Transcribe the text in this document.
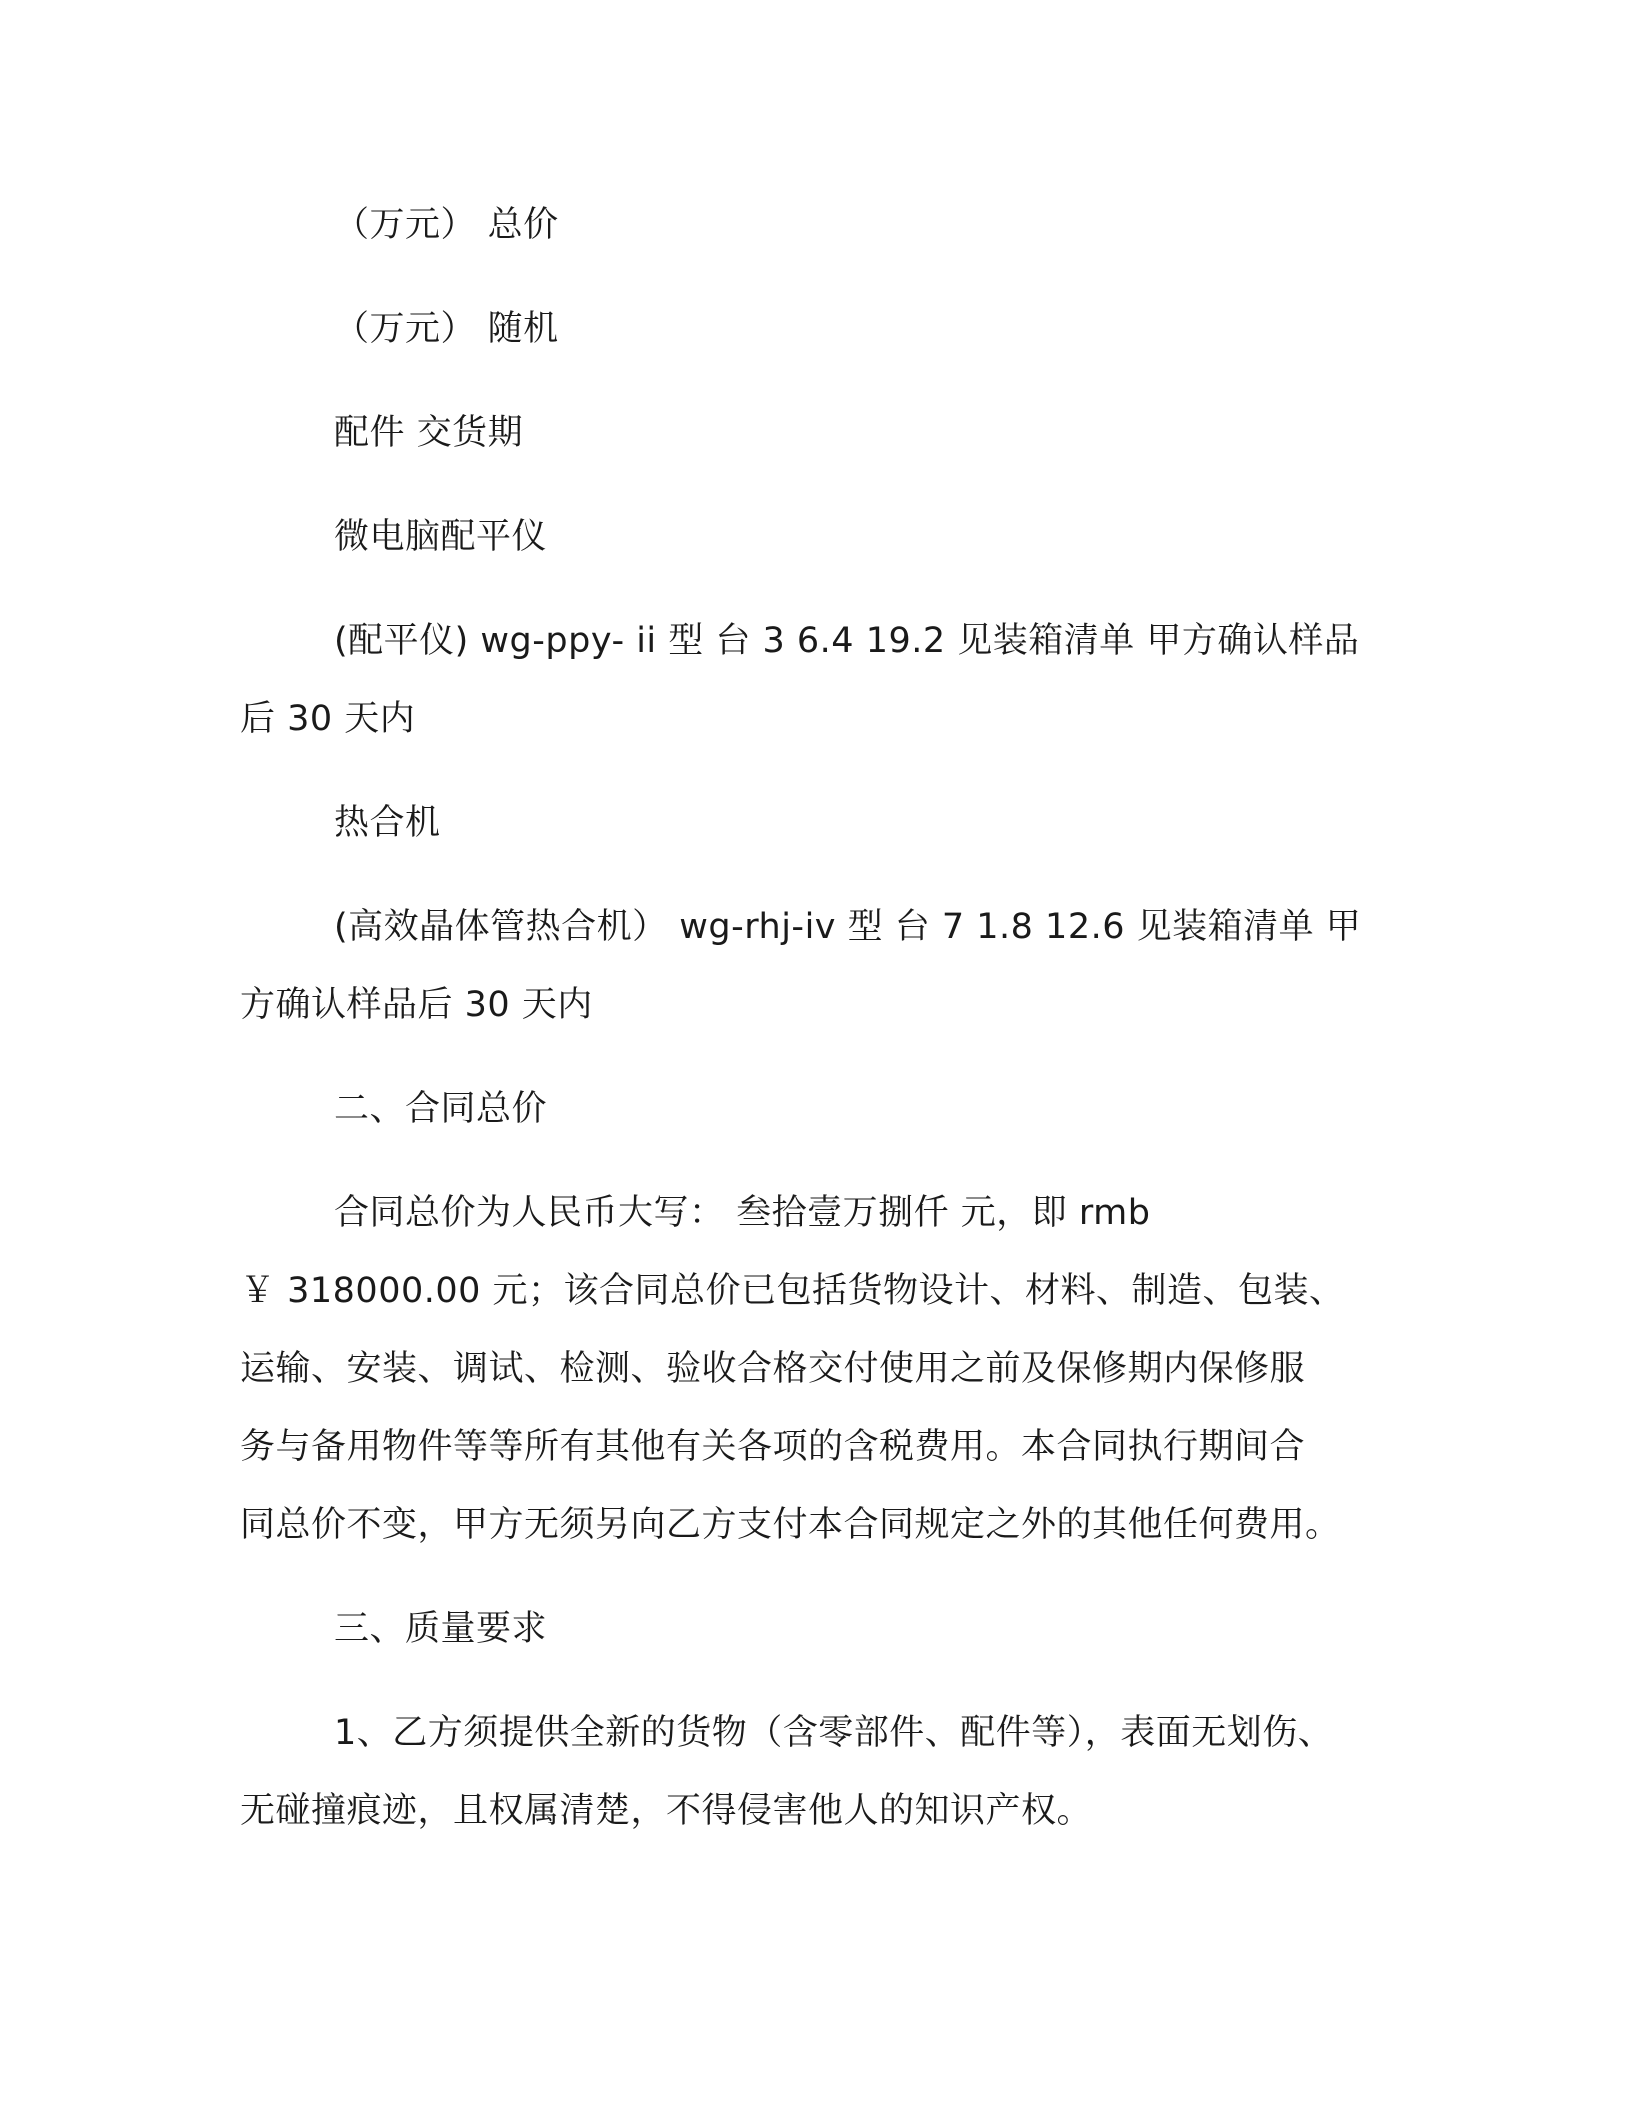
（万元） 总价

（万元） 随机

配件 交货期

微电脑配平仪

(配平仪) wg-ppy- ii 型 台 3 6.4 19.2 见装箱清单 甲方确认样品
后 30 天内

热合机

(高效晶体管热合机） wg-rhj-iv 型 台 7 1.8 12.6 见装箱清单 甲
方确认样品后 30 天内

二、合同总价

合同总价为人民币大写： 叁拾壹万捌仟 元，即 rmb
￥ 318000.00 元；该合同总价已包括货物设计、材料、制造、包装、
运输、安装、调试、检测、验收合格交付使用之前及保修期内保修服
务与备用物件等等所有其他有关各项的含税费用。本合同执行期间合
同总价不变，甲方无须另向乙方支付本合同规定之外的其他任何费用。

三、质量要求

1、乙方须提供全新的货物（含零部件、配件等），表面无划伤、
无碰撞痕迹，且权属清楚，不得侵害他人的知识产权。
